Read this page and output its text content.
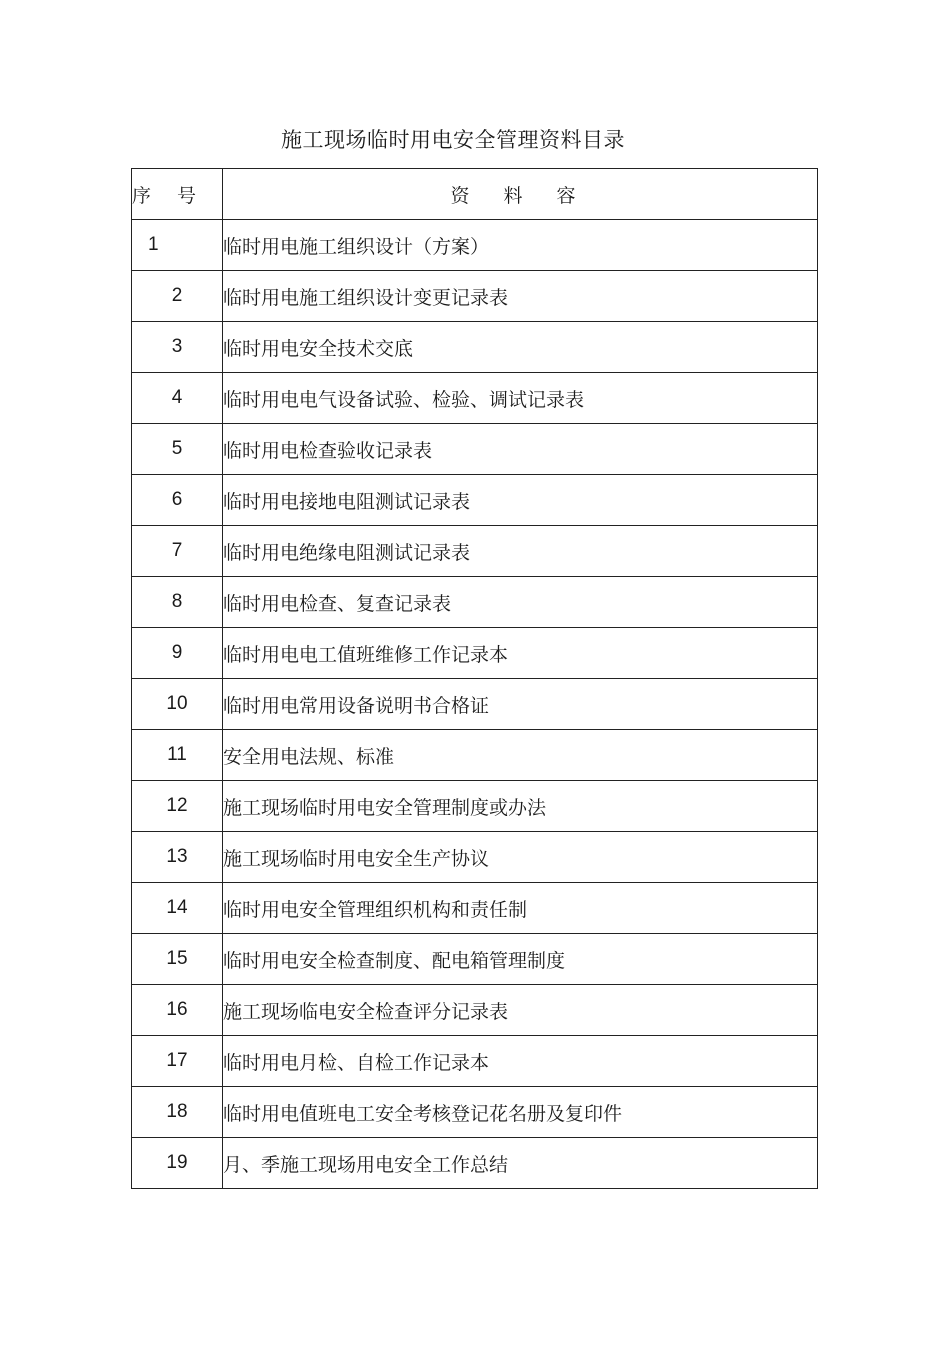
施工现场临时用电安全管理资料目录
序 号	资 料 容
1	临时用电施工组织设计（方案）
2	临时用电施工组织设计变更记录表
3	临时用电安全技术交底
4	临时用电电气设备试验、检验、调试记录表
5	临时用电检查验收记录表
6	临时用电接地电阻测试记录表
7	临时用电绝缘电阻测试记录表
8	临时用电检查、复查记录表
9	临时用电电工值班维修工作记录本
10	临时用电常用设备说明书合格证
11	安全用电法规、标准
12	施工现场临时用电安全管理制度或办法
13	施工现场临时用电安全生产协议
14	临时用电安全管理组织机构和责任制
15	临时用电安全检查制度、配电箱管理制度
16	施工现场临电安全检查评分记录表
17	临时用电月检、自检工作记录本
18	临时用电值班电工安全考核登记花名册及复印件
19	月、季施工现场用电安全工作总结
